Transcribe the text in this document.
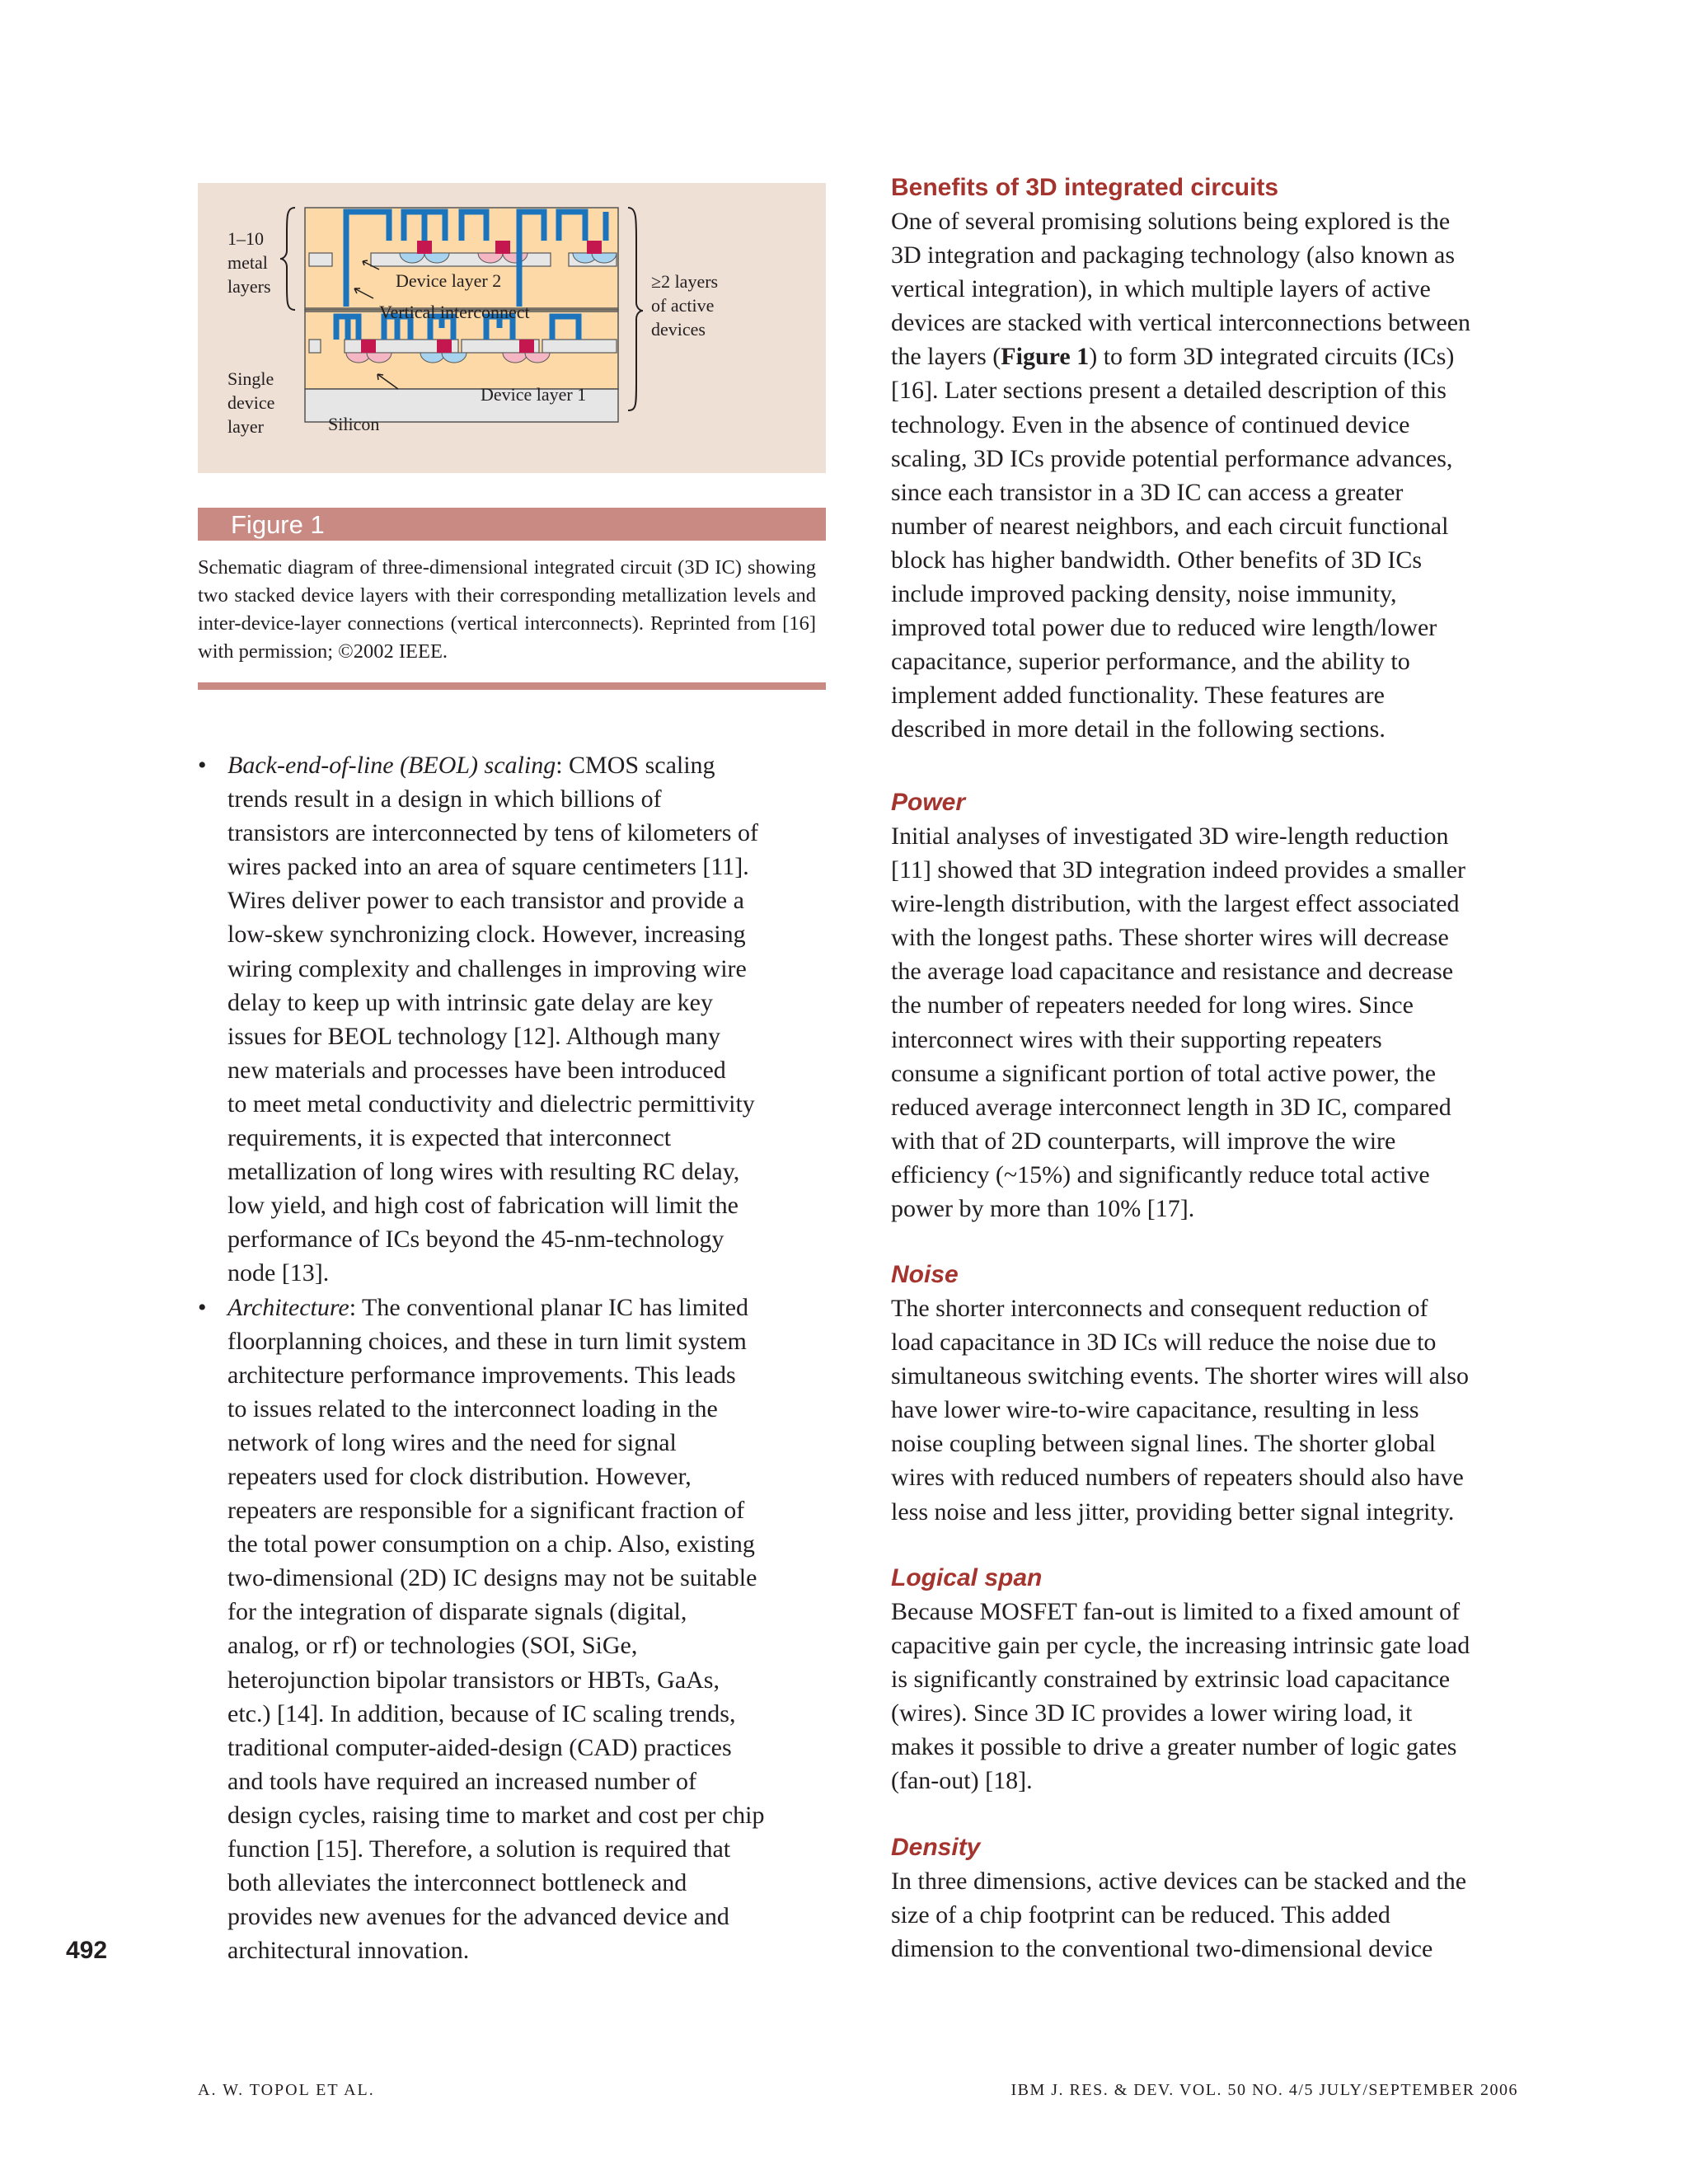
1–10
metal
layers	Device layer 2
Vertical interconnect
≥2 layers
of active
devices
Single
device
layer
Device layer 1
Silicon
Figure 1
Schematic diagram of three-dimensional integrated circuit (3D IC) showing two stacked device layers with their corresponding metallization levels and inter-device-layer connections (vertical interconnects). Reprinted from [16] with permission; ©2002 IEEE.
• Back-end-of-line (BEOL) scaling: CMOS scaling
trends result in a design in which billions of
transistors are interconnected by tens of kilometers of
wires packed into an area of square centimeters [11].
Wires deliver power to each transistor and provide a
low-skew synchronizing clock. However, increasing
wiring complexity and challenges in improving wire
delay to keep up with intrinsic gate delay are key
issues for BEOL technology [12]. Although many
new materials and processes have been introduced
to meet metal conductivity and dielectric permittivity
requirements, it is expected that interconnect
metallization of long wires with resulting RC delay,
low yield, and high cost of fabrication will limit the
performance of ICs beyond the 45-nm-technology
node [13].
• Architecture: The conventional planar IC has limited
floorplanning choices, and these in turn limit system
architecture performance improvements. This leads
to issues related to the interconnect loading in the
network of long wires and the need for signal
repeaters used for clock distribution. However,
repeaters are responsible for a significant fraction of
the total power consumption on a chip. Also, existing
two-dimensional (2D) IC designs may not be suitable
for the integration of disparate signals (digital,
analog, or rf) or technologies (SOI, SiGe,
heterojunction bipolar transistors or HBTs, GaAs,
etc.) [14]. In addition, because of IC scaling trends,
traditional computer-aided-design (CAD) practices
and tools have required an increased number of
design cycles, raising time to market and cost per chip
function [15]. Therefore, a solution is required that
both alleviates the interconnect bottleneck and
provides new avenues for the advanced device and
architectural innovation.
Benefits of 3D integrated circuits
One of several promising solutions being explored is the
3D integration and packaging technology (also known as
vertical integration), in which multiple layers of active
devices are stacked with vertical interconnections between
the layers (Figure 1) to form 3D integrated circuits (ICs)
[16]. Later sections present a detailed description of this
technology. Even in the absence of continued device
scaling, 3D ICs provide potential performance advances,
since each transistor in a 3D IC can access a greater
number of nearest neighbors, and each circuit functional
block has higher bandwidth. Other benefits of 3D ICs
include improved packing density, noise immunity,
improved total power due to reduced wire length/lower
capacitance, superior performance, and the ability to
implement added functionality. These features are
described in more detail in the following sections.
Power
Initial analyses of investigated 3D wire-length reduction
[11] showed that 3D integration indeed provides a smaller
wire-length distribution, with the largest effect associated
with the longest paths. These shorter wires will decrease
the average load capacitance and resistance and decrease
the number of repeaters needed for long wires. Since
interconnect wires with their supporting repeaters
consume a significant portion of total active power, the
reduced average interconnect length in 3D IC, compared
with that of 2D counterparts, will improve the wire
efficiency (~15%) and significantly reduce total active
power by more than 10% [17].
Noise
The shorter interconnects and consequent reduction of
load capacitance in 3D ICs will reduce the noise due to
simultaneous switching events. The shorter wires will also
have lower wire-to-wire capacitance, resulting in less
noise coupling between signal lines. The shorter global
wires with reduced numbers of repeaters should also have
less noise and less jitter, providing better signal integrity.
Logical span
Because MOSFET fan-out is limited to a fixed amount of
capacitive gain per cycle, the increasing intrinsic gate load
is significantly constrained by extrinsic load capacitance
(wires). Since 3D IC provides a lower wiring load, it
makes it possible to drive a greater number of logic gates
(fan-out) [18].
Density
In three dimensions, active devices can be stacked and the
size of a chip footprint can be reduced. This added
dimension to the conventional two-dimensional device
492
A. W. TOPOL ET AL.	IBM J. RES. & DEV. VOL. 50 NO. 4/5 JULY/SEPTEMBER 2006
